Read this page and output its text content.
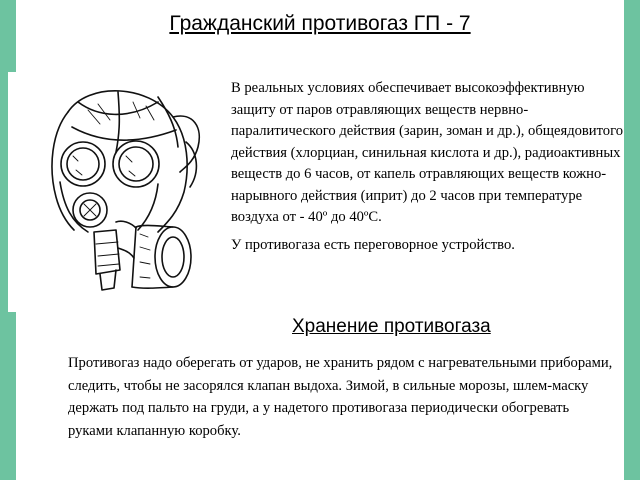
Гражданский противогаз ГП - 7

В реальных условиях обеспечивает высокоэффективную защиту от паров отравляющих веществ нервно-паралитического действия (зарин, зоман и др.), общеядовитого действия (хлорциан, синильная кислота и др.), радиоактивных веществ до 6 часов, от капель отравляющих веществ кожно-нарывного действия (иприт) до 2 часов при температуре воздуха от - 40º до 40ºС.

У противогаза есть переговорное устройство.

Хранение противогаза
Противогаз надо оберегать от ударов, не хранить рядом с нагревательными приборами, следить, чтобы не засорялся клапан выдоха. Зимой, в сильные морозы, шлем-маску держать под пальто на груди, а у надетого противогаза периодически обогревать руками клапанную коробку.
